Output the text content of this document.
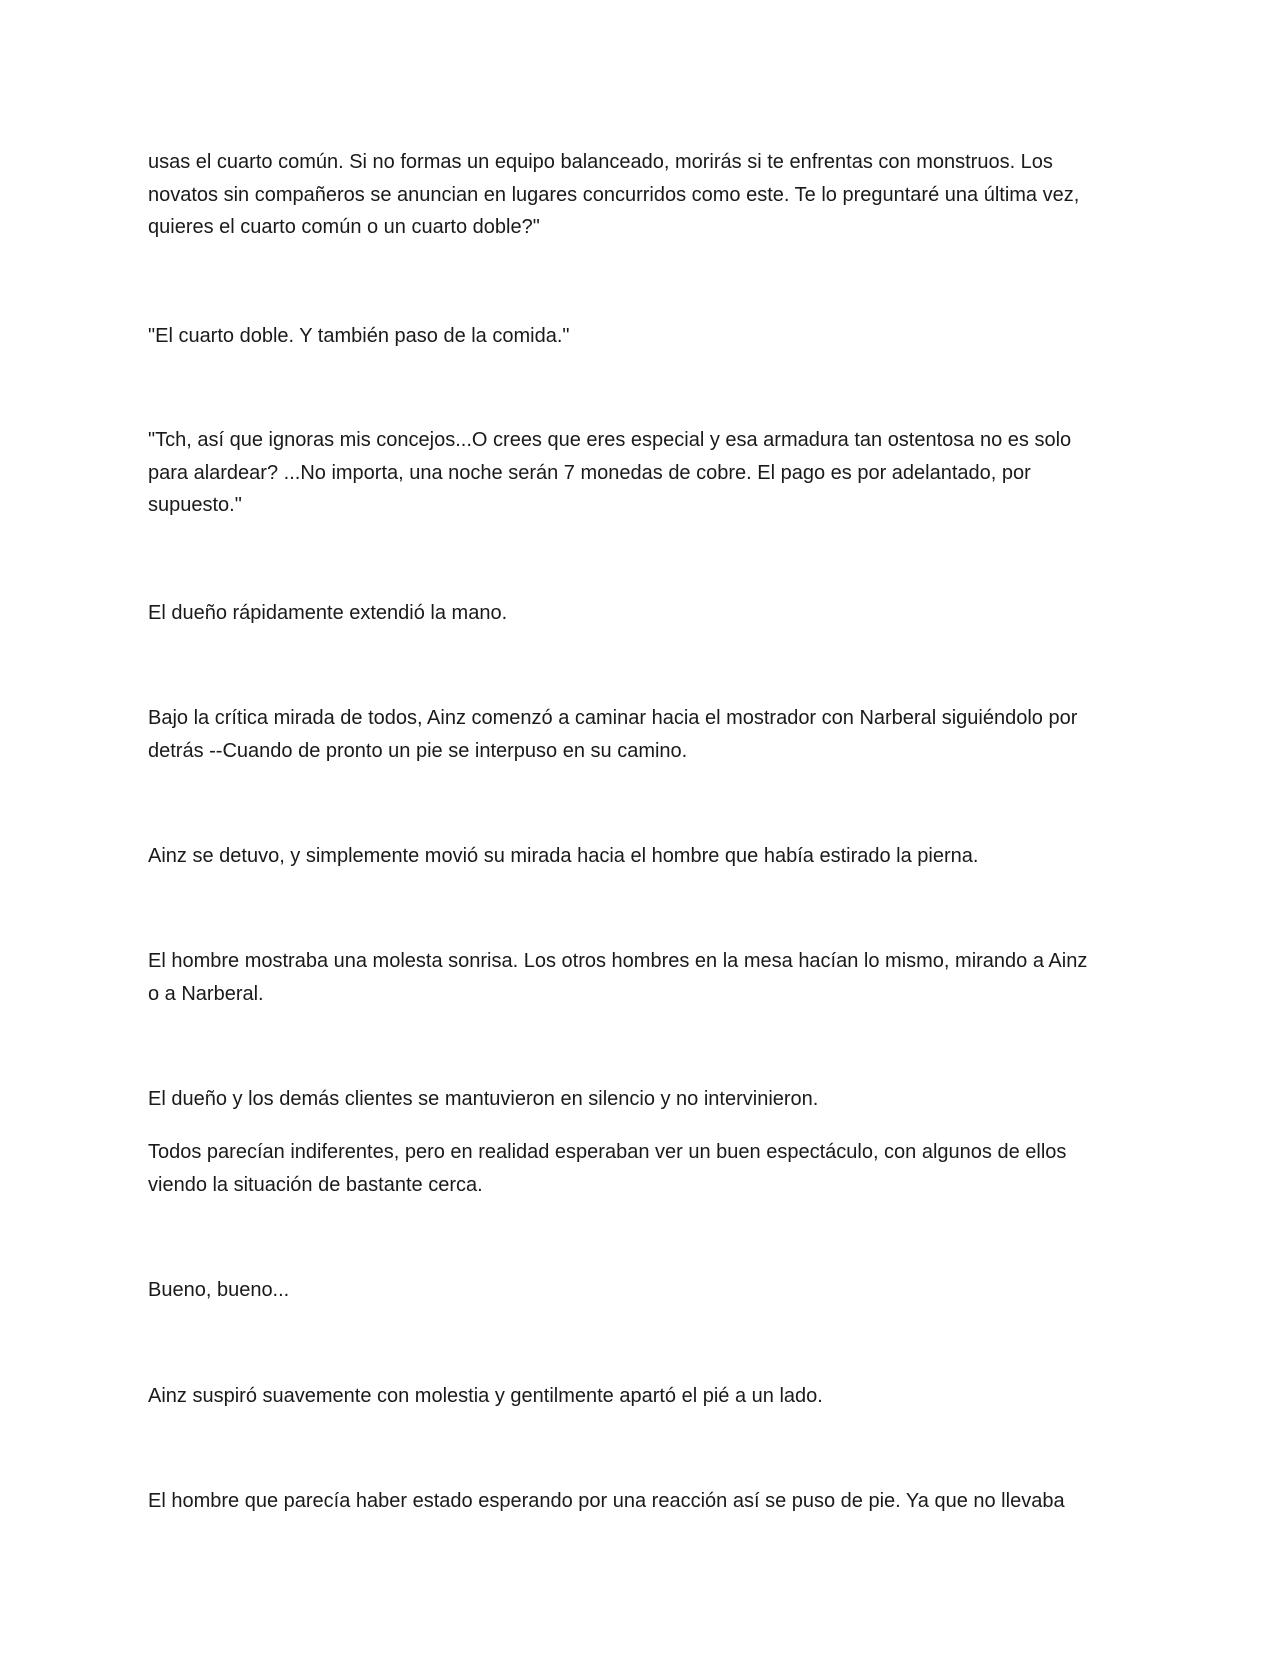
usas el cuarto común. Si no formas un equipo balanceado, morirás si te enfrentas con monstruos. Los
novatos sin compañeros se anuncian en lugares concurridos como este. Te lo preguntaré una última vez,
quieres el cuarto común o un cuarto doble?"

"El cuarto doble. Y también paso de la comida."

"Tch, así que ignoras mis concejos...O crees que eres especial y esa armadura tan ostentosa no es solo
para alardear? ...No importa, una noche serán 7 monedas de cobre. El pago es por adelantado, por
supuesto."

El dueño rápidamente extendió la mano.

Bajo la crítica mirada de todos, Ainz comenzó a caminar hacia el mostrador con Narberal siguiéndolo por
detrás --Cuando de pronto un pie se interpuso en su camino.

Ainz se detuvo, y simplemente movió su mirada hacia el hombre que había estirado la pierna.

El hombre mostraba una molesta sonrisa. Los otros hombres en la mesa hacían lo mismo, mirando a Ainz
o a Narberal.

El dueño y los demás clientes se mantuvieron en silencio y no intervinieron.

Todos parecían indiferentes, pero en realidad esperaban ver un buen espectáculo, con algunos de ellos
viendo la situación de bastante cerca.

Bueno, bueno...

Ainz suspiró suavemente con molestia y gentilmente apartó el pié a un lado.

El hombre que parecía haber estado esperando por una reacción así se puso de pie. Ya que no llevaba
